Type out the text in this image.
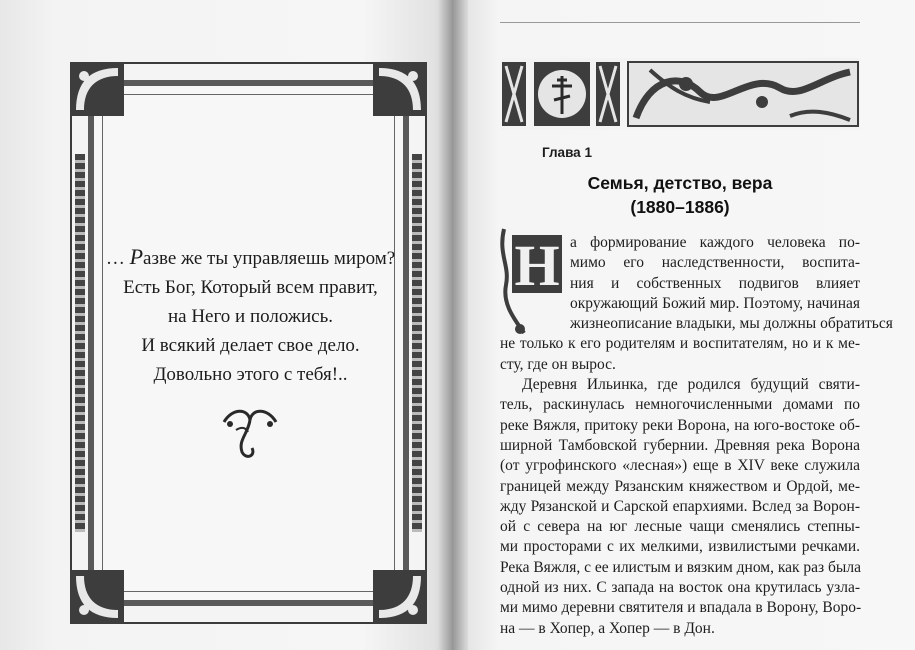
… Разве же ты управляешь миром?
Есть Бог, Который всем правит,
на Него и положись.
И всякий делает свое дело.
Довольно этого с тебя!..
Глава 1
Семья, детство, вера
(1880–1886)
Н а формирование каждого человека по-
мимо его наследственности, воспита-
ния и собственных подвигов влияет
окружающий Божий мир. Поэтому, начиная
жизнеописание владыки, мы должны обратиться
не только к его родителям и воспитателям, но и к ме-
сту, где он вырос.
Деревня Ильинка, где родился будущий святи-
тель, раскинулась немногочисленными домами по
реке Вяжля, притоку реки Ворона, на юго-востоке об-
ширной Тамбовской губернии. Древняя река Ворона
(от угрофинского «лесная») еще в XIV веке служила
границей между Рязанским княжеством и Ордой, ме-
жду Рязанской и Сарской епархиями. Вслед за Ворон-
ой с севера на юг лесные чащи сменялись степны-
ми просторами с их мелкими, извилистыми речками.
Река Вяжля, с ее илистым и вязким дном, как раз была
одной из них. С запада на восток она крутилась узла-
ми мимо деревни святителя и впадала в Ворону, Воро-
на — в Хопер, а Хопер — в Дон.
